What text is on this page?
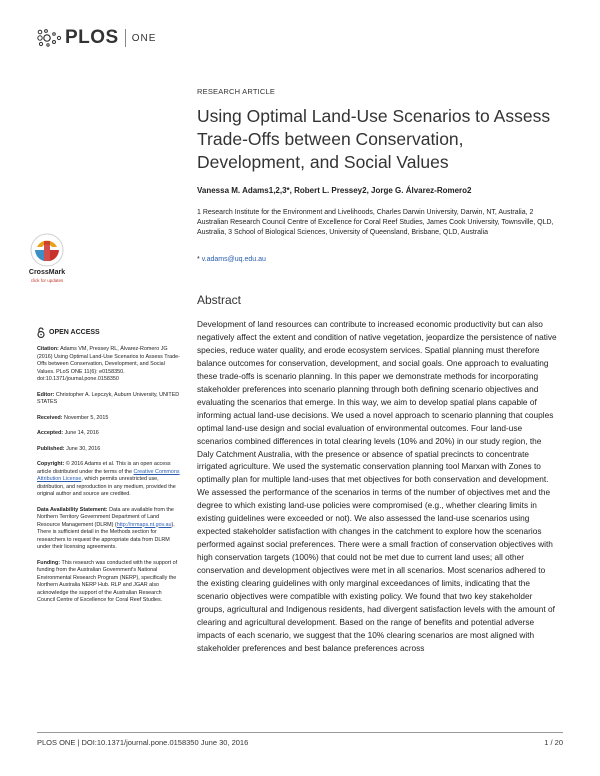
PLOS ONE
CrossMark
click for updates
RESEARCH ARTICLE
Using Optimal Land-Use Scenarios to Assess Trade-Offs between Conservation, Development, and Social Values
Vanessa M. Adams1,2,3*, Robert L. Pressey2, Jorge G. Álvarez-Romero2
1 Research Institute for the Environment and Livelihoods, Charles Darwin University, Darwin, NT, Australia, 2 Australian Research Council Centre of Excellence for Coral Reef Studies, James Cook University, Townsville, QLD, Australia, 3 School of Biological Sciences, University of Queensland, Brisbane, QLD, Australia
* v.adams@uq.edu.au
Abstract

Development of land resources can contribute to increased economic productivity but can also negatively affect the extent and condition of native vegetation, jeopardize the persistence of native species, reduce water quality, and erode ecosystem services. Spatial planning must therefore balance outcomes for conservation, development, and social goals. One approach to evaluating these trade-offs is scenario planning. In this paper we demonstrate methods for incorporating stakeholder preferences into scenario planning through both defining scenario objectives and evaluating the scenarios that emerge. In this way, we aim to develop spatial plans capable of informing actual land-use decisions. We used a novel approach to scenario planning that couples optimal land-use design and social evaluation of environmental outcomes. Four land-use scenarios combined differences in total clearing levels (10% and 20%) in our study region, the Daly Catchment Australia, with the presence or absence of spatial precincts to concentrate irrigated agriculture. We used the systematic conservation planning tool Marxan with Zones to optimally plan for multiple land-uses that met objectives for both conservation and development. We assessed the performance of the scenarios in terms of the number of objectives met and the degree to which existing land-use policies were compromised (e.g., whether clearing limits in existing guidelines were exceeded or not). We also assessed the land-use scenarios using expected stakeholder satisfaction with changes in the catchment to explore how the scenarios performed against social preferences. There were a small fraction of conservation objectives with high conservation targets (100%) that could not be met due to current land uses; all other conservation and development objectives were met in all scenarios. Most scenarios adhered to the existing clearing guidelines with only marginal exceedances of limits, indicating that the scenario objectives were compatible with existing policy. We found that two key stakeholder groups, agricultural and Indigenous residents, had divergent satisfaction levels with the amount of clearing and agricultural development. Based on the range of benefits and potential adverse impacts of each scenario, we suggest that the 10% clearing scenarios are most aligned with stakeholder preferences and best balance preferences across

OPEN ACCESS
Citation: Adams VM, Pressey RL, Álvarez-Romero JG (2016) Using Optimal Land-Use Scenarios to Assess Trade-Offs between Conservation, Development, and Social Values. PLoS ONE 11(6): e0158350. doi:10.1371/journal.pone.0158350
Editor: Christopher A. Lepczyk, Auburn University, UNITED STATES
Received: November 5, 2015
Accepted: June 14, 2016
Published: June 30, 2016
Copyright: © 2016 Adams et al. This is an open access article distributed under the terms of the Creative Commons Attribution License, which permits unrestricted use, distribution, and reproduction in any medium, provided the original author and source are credited.
Data Availability Statement: Data are available from the Northern Territory Government Department of Land Resource Management (DLRM) (http://nrmaps.nt.gov.au). There is sufficient detail in the Methods section for researchers to request the appropriate data from DLRM under their licensing agreements.
Funding: This research was conducted with the support of funding from the Australian Government's National Environmental Research Program (NERP), specifically the Northern Australia NERP Hub. RLP and JGAR also acknowledge the support of the Australian Research Council Centre of Excellence for Coral Reef Studies.
PLOS ONE | DOI:10.1371/journal.pone.0158350 June 30, 2016	1 / 20
